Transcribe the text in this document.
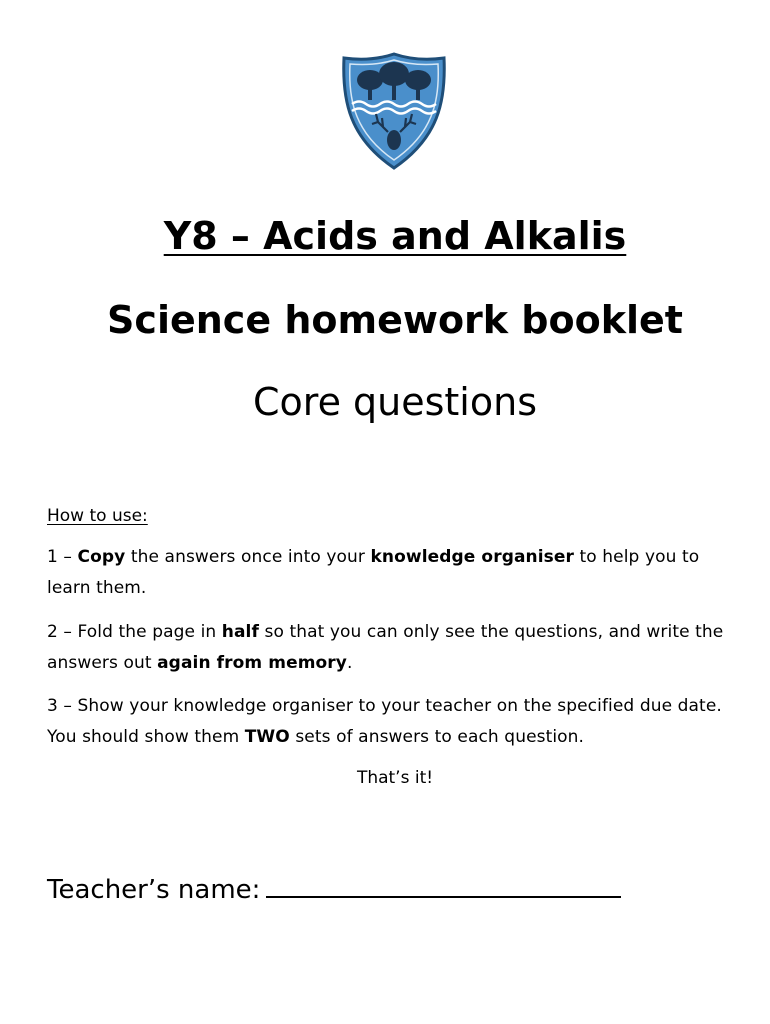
Y8 – Acids and Alkalis
Science homework booklet
Core questions
How to use:
1 – Copy the answers once into your knowledge organiser to help you to learn them.
2 – Fold the page in half so that you can only see the questions, and write the answers out again from memory.
3 – Show your knowledge organiser to your teacher on the specified due date. You should show them TWO sets of answers to each question.
That’s it!
Teacher’s name:
